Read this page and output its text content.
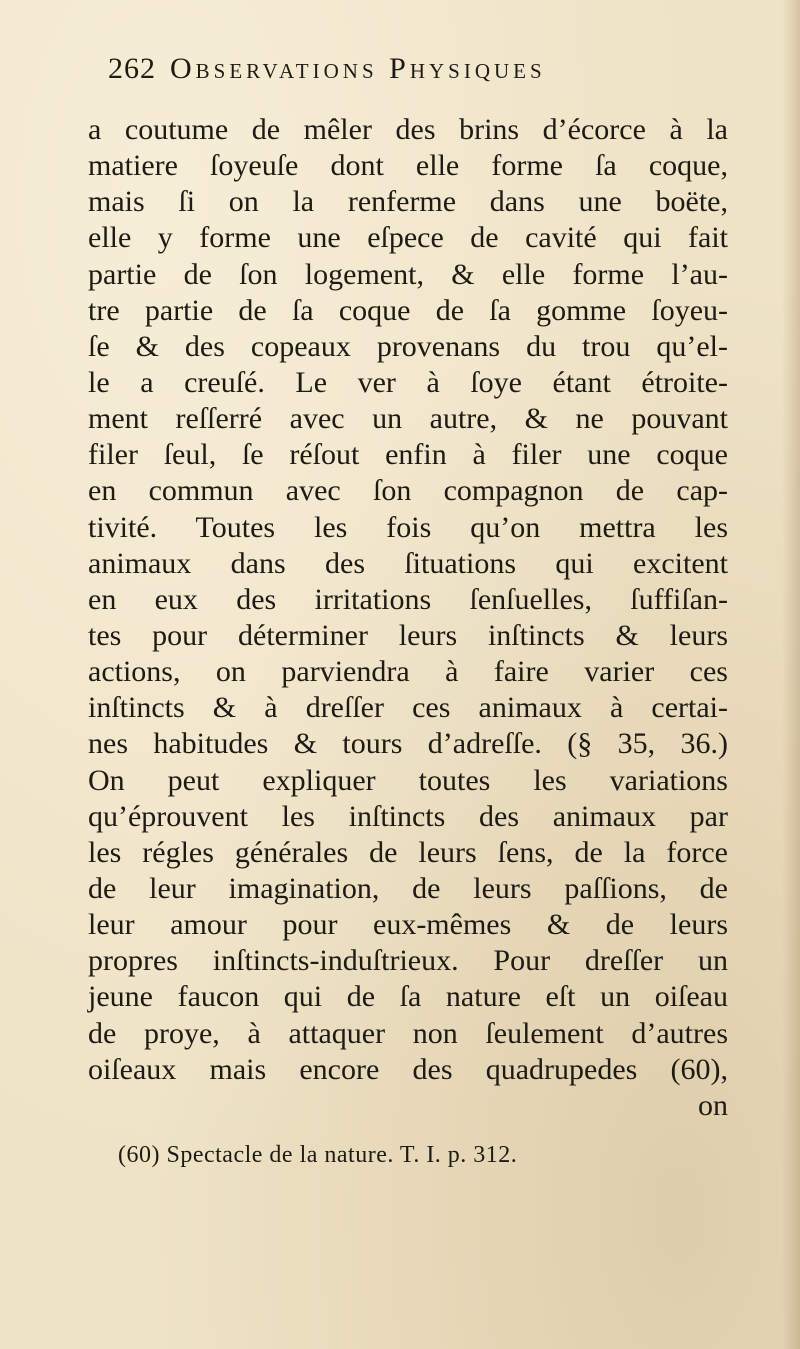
262 Observations Physiques
a coutume de mêler des brins d’écorce à la
matiere ſoyeuſe dont elle forme ſa coque,
mais ſi on la renferme dans une boëte,
elle y forme une eſpece de cavité qui fait
partie de ſon logement, & elle forme l’au-
tre partie de ſa coque de ſa gomme ſoyeu-
ſe & des copeaux provenans du trou qu’el-
le a creuſé. Le ver à ſoye étant étroite-
ment reſſerré avec un autre, & ne pouvant
filer ſeul, ſe réſout enfin à filer une coque
en commun avec ſon compagnon de cap-
tivité. Toutes les fois qu’on mettra les
animaux dans des ſituations qui excitent
en eux des irritations ſenſuelles, ſuffiſan-
tes pour déterminer leurs inſtincts & leurs
actions, on parviendra à faire varier ces
inſtincts & à dreſſer ces animaux à certai-
nes habitudes & tours d’adreſſe. (§ 35, 36.)
On peut expliquer toutes les variations
qu’éprouvent les inſtincts des animaux par
les régles générales de leurs ſens, de la force
de leur imagination, de leurs paſſions, de
leur amour pour eux-mêmes & de leurs
propres inſtincts-induſtrieux. Pour dreſſer un
jeune faucon qui de ſa nature eſt un oiſeau
de proye, à attaquer non ſeulement d’autres
oiſeaux mais encore des quadrupedes (60),
on
(60) Spectacle de la nature. T. I. p. 312.
